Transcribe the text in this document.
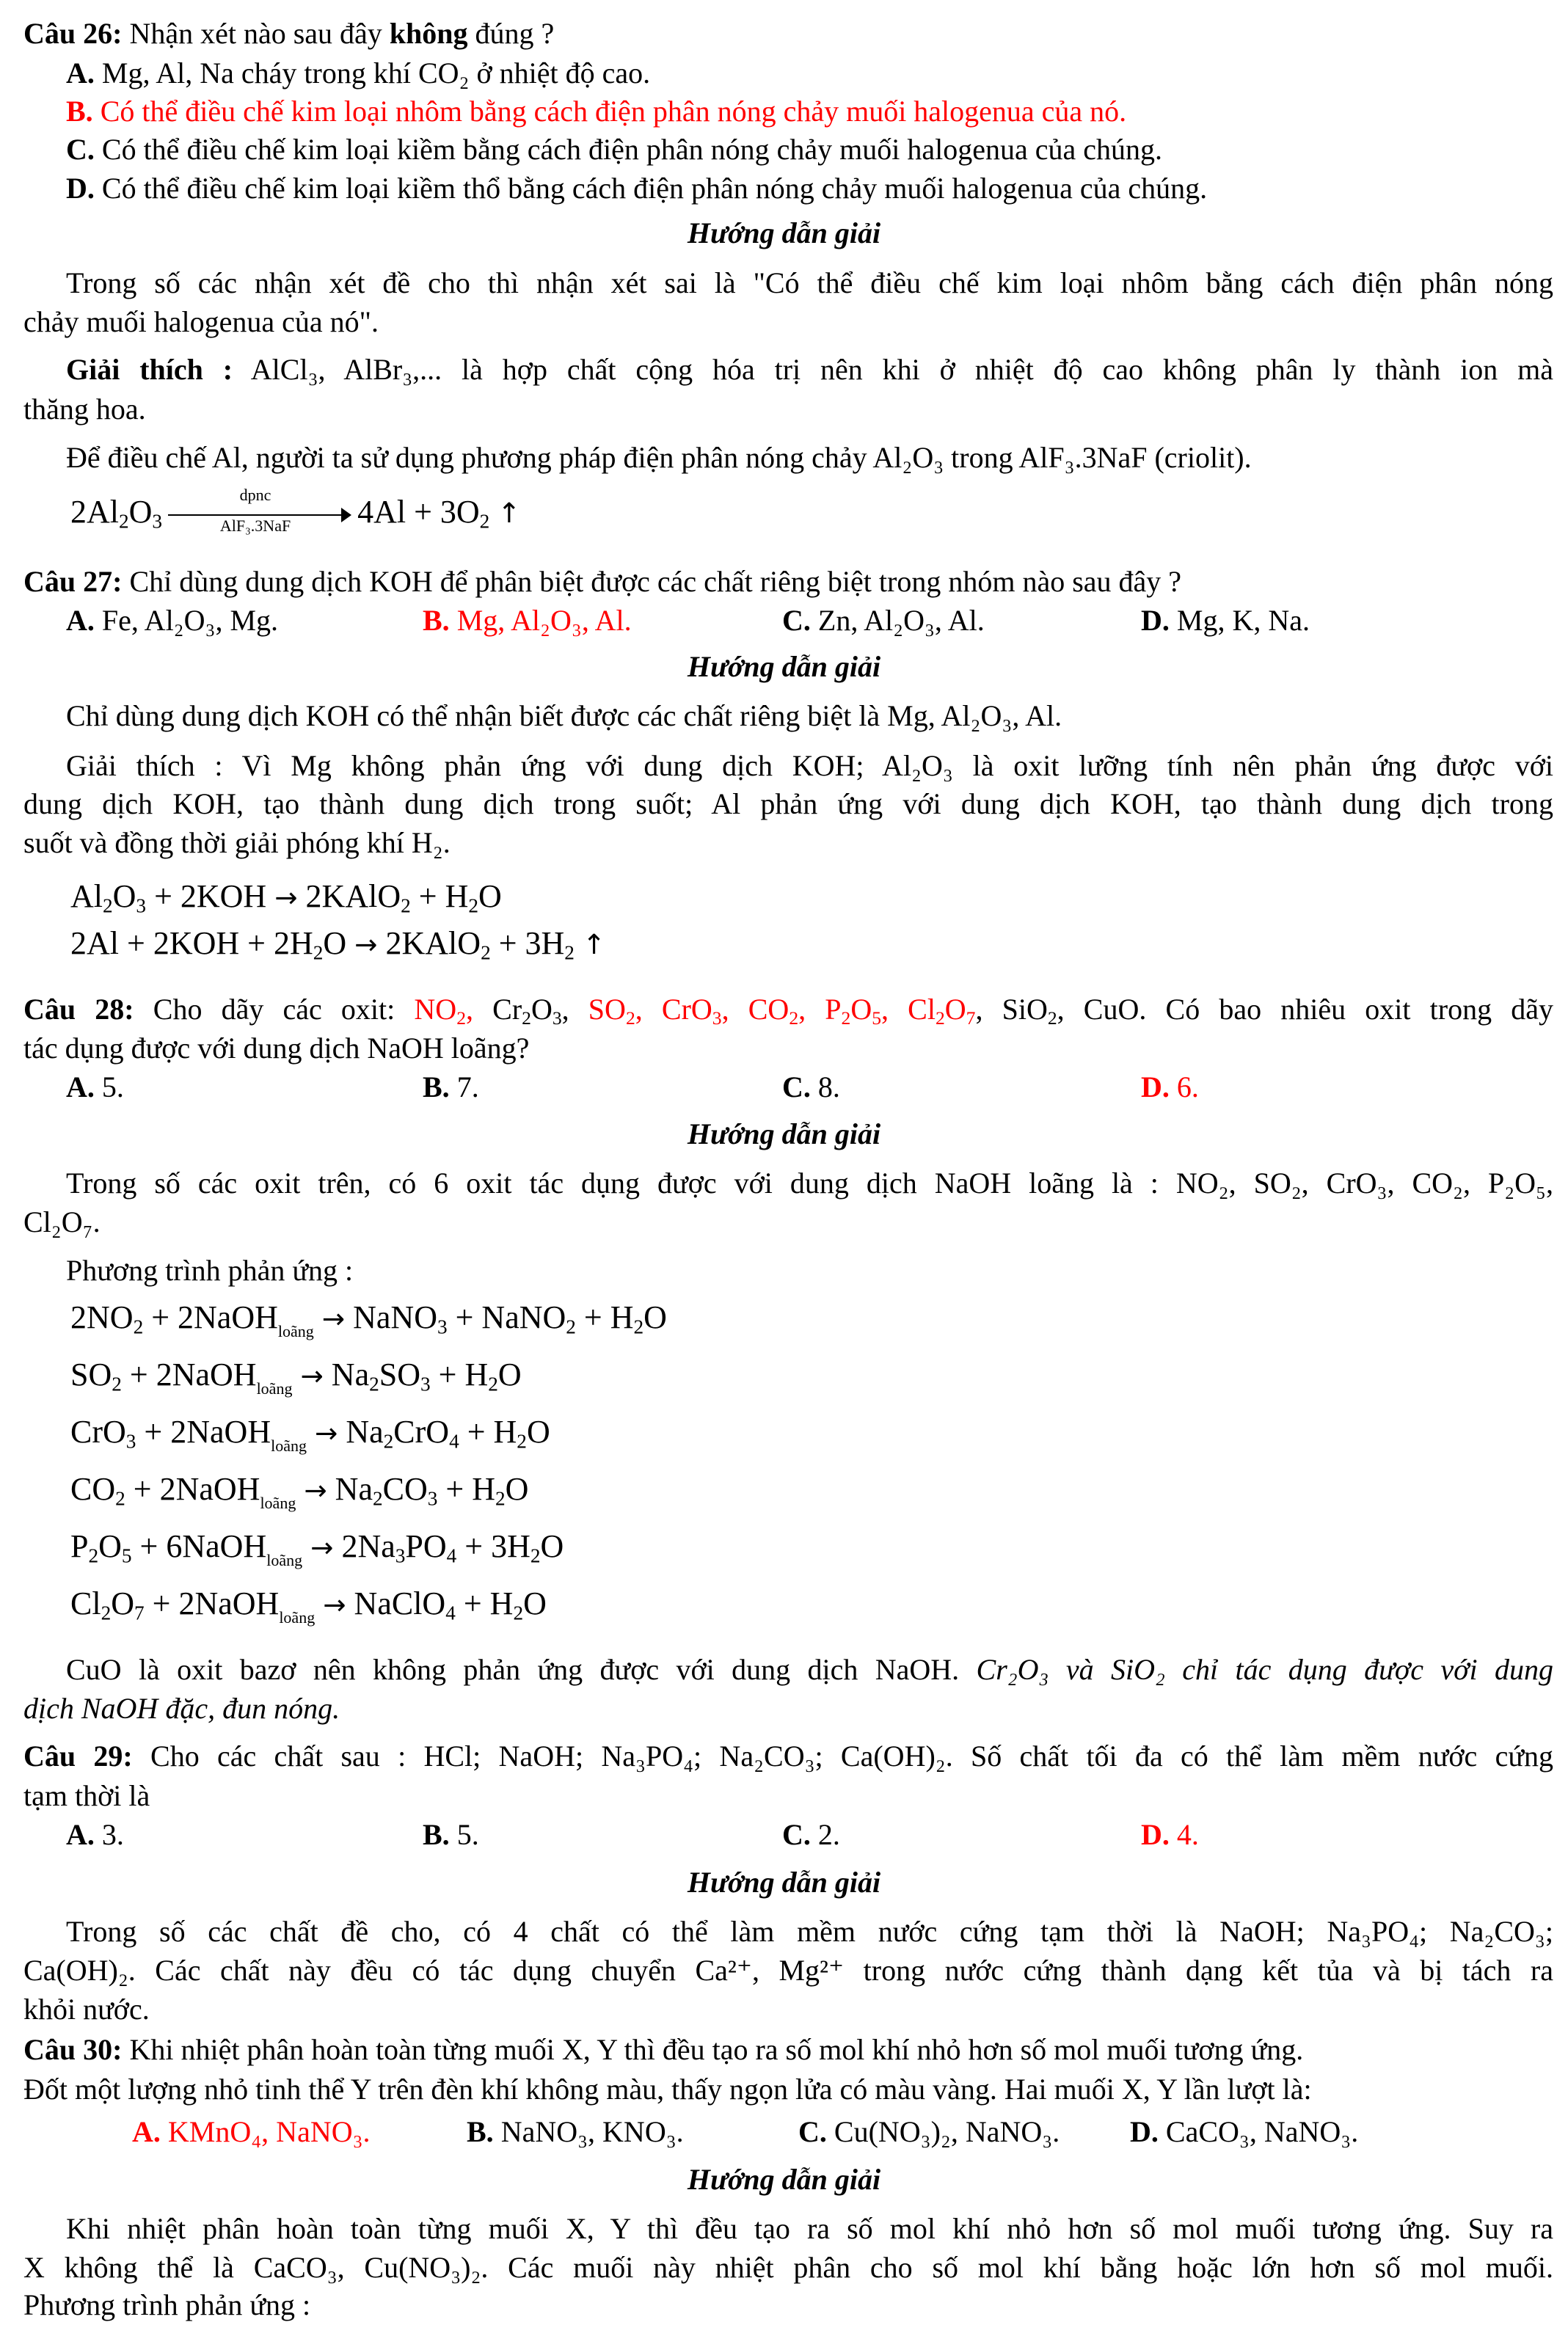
Câu 26: Nhận xét nào sau đây không đúng ?
A. Mg, Al, Na cháy trong khí CO₂ ở nhiệt độ cao.
B. Có thể điều chế kim loại nhôm bằng cách điện phân nóng chảy muối halogenua của nó.
C. Có thể điều chế kim loại kiềm bằng cách điện phân nóng chảy muối halogenua của chúng.
D. Có thể điều chế kim loại kiềm thổ bằng cách điện phân nóng chảy muối halogenua của chúng.
Hướng dẫn giải
Trong số các nhận xét đề cho thì nhận xét sai là "Có thể điều chế kim loại nhôm bằng cách điện phân nóng
chảy muối halogenua của nó".
Giải thích : AlCl₃, AlBr₃,... là hợp chất cộng hóa trị nên khi ở nhiệt độ cao không phân ly thành ion mà
thăng hoa.
Để điều chế Al, người ta sử dụng phương pháp điện phân nóng chảy Al₂O₃ trong AlF₃.3NaF (criolit).
$2Al_2O_3$
dpnc
AlF₃.3NaF	$4Al + 3O_2$ ↑
Câu 27: Chỉ dùng dung dịch KOH để phân biệt được các chất riêng biệt trong nhóm nào sau đây ?
A. Fe, Al₂O₃, Mg.	B. Mg, Al₂O₃, Al.	C. Zn, Al₂O₃, Al.	D. Mg, K, Na.
Hướng dẫn giải
Chỉ dùng dung dịch KOH có thể nhận biết được các chất riêng biệt là Mg, Al₂O₃, Al.
Giải thích : Vì Mg không phản ứng với dung dịch KOH; Al₂O₃ là oxit lưỡng tính nên phản ứng được với
dung dịch KOH, tạo thành dung dịch trong suốt; Al phản ứng với dung dịch KOH, tạo thành dung dịch trong
suốt và đồng thời giải phóng khí H₂.
$Al_2O_3 + 2KOH$ → 2KAlO$_2$ + $H_2O$
$2Al + 2KOH + 2H_2O$ → 2KAlO$_2$ + $3H_2$ ↑
Câu 28: Cho dãy các oxit: $NO_2$, $Cr_2O_3$, $SO_2$, CrO$_3$, $CO_2$, $P_2O_5$, $Cl_2O_7$, SiO$_2$, CuO. Có bao nhiêu oxit trong dãy
tác dụng được với dung dịch NaOH loãng?
A. 5.	B. 7.	C. 8.	D. 6.
Hướng dẫn giải
Trong số các oxit trên, có 6 oxit tác dụng được với dung dịch NaOH loãng là : NO₂, SO₂, CrO₃, CO₂, P₂O₅,
Cl₂O₇.
Phương trình phản ứng :
$2NO_2$ + 2NaOH$_{loãng}$ → NaNO$_3$ + NaNO$_2$ + $H_2O$
$SO_2$ + 2NaOH$_{loãng}$ → $Na_2SO_3 + H_2O$
CrO$_3$ + 2NaOH$_{loãng}$ → $Na_2CrO_4 + H_2O$
$CO_2$ + 2NaOH$_{loãng}$ → $Na_2CO_3 + H_2O$
$P_2O_5$ + 6NaOH$_{loãng}$ → $2Na_3PO_4 + 3H_2O$
$Cl_2O_7$ + 2NaOH$_{loãng}$ → NaClO$_4$ + $H_2O$
CuO là oxit bazơ nên không phản ứng được với dung dịch NaOH. Cr₂O₃ và SiO₂ chỉ tác dụng được với dung
dịch NaOH đặc, đun nóng.
Câu 29: Cho các chất sau : HCl; NaOH; Na₃PO₄; Na₂CO₃; Ca(OH)₂. Số chất tối đa có thể làm mềm nước cứng
tạm thời là
A. 3.	B. 5.	C. 2.	D. 4.
Hướng dẫn giải
Trong số các chất đề cho, có 4 chất có thể làm mềm nước cứng tạm thời là NaOH; Na₃PO₄; Na₂CO₃;
Ca(OH)₂. Các chất này đều có tác dụng chuyển Ca²⁺, Mg²⁺ trong nước cứng thành dạng kết tủa và bị tách ra
khỏi nước.
Câu 30: Khi nhiệt phân hoàn toàn từng muối X, Y thì đều tạo ra số mol khí nhỏ hơn số mol muối tương ứng.
Đốt một lượng nhỏ tinh thể Y trên đèn khí không màu, thấy ngọn lửa có màu vàng. Hai muối X, Y lần lượt là:
A. KMnO₄, NaNO₃.	B. NaNO₃, KNO₃.	C. Cu(NO₃)₂, NaNO₃. D. CaCO₃, NaNO₃.
Hướng dẫn giải
Khi nhiệt phân hoàn toàn từng muối X, Y thì đều tạo ra số mol khí nhỏ hơn số mol muối tương ứng. Suy ra
X không thể là CaCO₃, Cu(NO₃)₂. Các muối này nhiệt phân cho số mol khí bằng hoặc lớn hơn số mol muối.
Phương trình phản ứng :
